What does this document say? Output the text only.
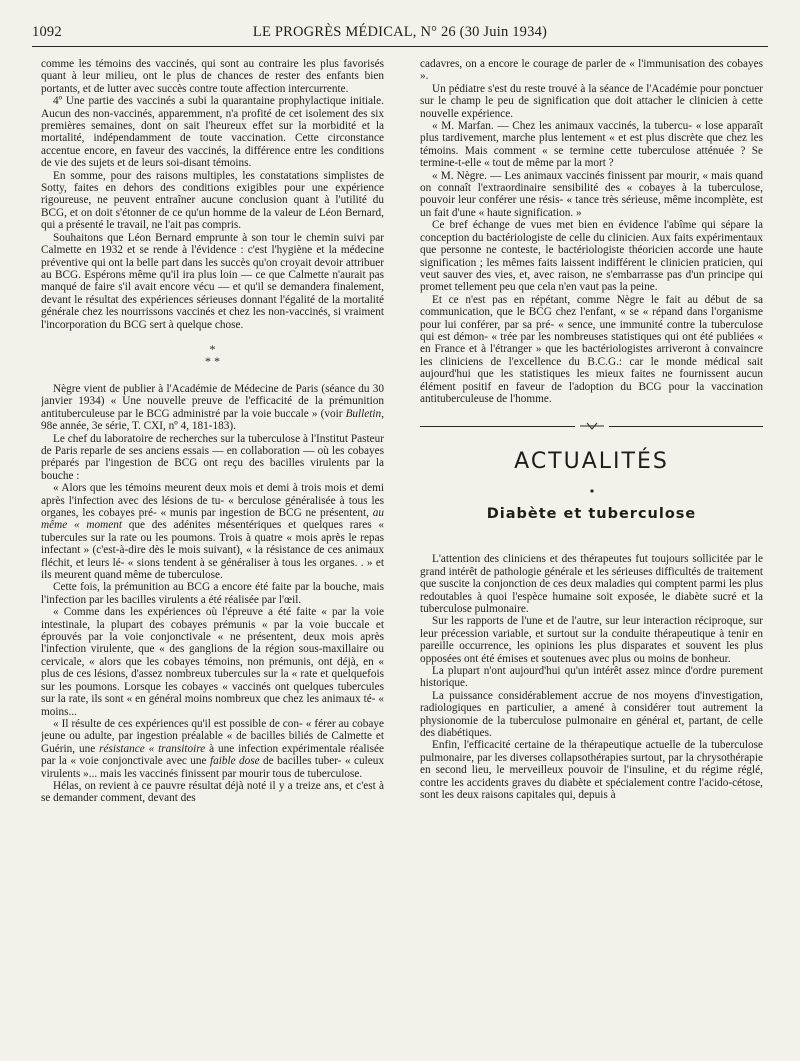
1092	LE PROGRÈS MÉDICAL, N° 26 (30 Juin 1934)

comme les témoins des vaccinés, qui sont au contraire les plus favorisés quant à leur milieu, ont le plus de chances de rester des enfants bien portants, et de lutter avec succès contre toute affection intercurrente.

4º Une partie des vaccinés a subi la quarantaine prophylactique initiale. Aucun des non-vaccinés, apparemment, n'a profité de cet isolement des six premières semaines, dont on sait l'heureux effet sur la morbidité et la mortalité, indépendamment de toute vaccination. Cette circonstance accentue encore, en faveur des vaccinés, la différence entre les conditions de vie des sujets et de leurs soi-disant témoins.

En somme, pour des raisons multiples, les constatations simplistes de Sotty, faites en dehors des conditions exigibles pour une expérience rigoureuse, ne peuvent entraîner aucune conclusion quant à l'utilité du BCG, et on doit s'étonner de ce qu'un homme de la valeur de Léon Bernard, qui a présenté le travail, ne l'ait pas compris.

Souhaitons que Léon Bernard emprunte à son tour le chemin suivi par Calmette en 1932 et se rende à l'évidence : c'est l'hygiène et la médecine préventive qui ont la belle part dans les succès qu'on croyait devoir attribuer au BCG. Espérons même qu'il ira plus loin — ce que Calmette n'aurait pas manqué de faire s'il avait encore vécu — et qu'il se demandera finalement, devant le résultat des expériences sérieuses donnant l'égalité de la mortalité générale chez les nourrissons vaccinés et chez les non-vaccinés, si vraiment l'incorporation du BCG sert à quelque chose.

*
* *

Nègre vient de publier à l'Académie de Médecine de Paris (séance du 30 janvier 1934) « Une nouvelle preuve de l'efficacité de la prémunition antituberculeuse par le BCG administré par la voie buccale » (voir Bulletin, 98e année, 3e série, T. CXI, nº 4, 181-183).

Le chef du laboratoire de recherches sur la tuberculose à l'Institut Pasteur de Paris reparle de ses anciens essais — en collaboration — où les cobayes préparés par l'ingestion de BCG ont reçu des bacilles virulents par la bouche :

« Alors que les témoins meurent deux mois et demi à trois mois et demi après l'infection avec des lésions de tu- « berculose généralisée à tous les organes, les cobayes pré- « munis par ingestion de BCG ne présentent, au même « moment que des adénites mésentériques et quelques rares « tubercules sur la rate ou les poumons. Trois à quatre « mois après le repas infectant » (c'est-à-dire dès le mois suivant), « la résistance de ces animaux fléchit, et leurs lé- « sions tendent à se généraliser à tous les organes. . » et ils meurent quand même de tuberculose.

Cette fois, la prémunition au BCG a encore été faite par la bouche, mais l'infection par les bacilles virulents a été réalisée par l'œil.

« Comme dans les expériences où l'épreuve a été faite « par la voie intestinale, la plupart des cobayes prémunis « par la voie buccale et éprouvés par la voie conjonctivale « ne présentent, deux mois après l'infection virulente, que « des ganglions de la région sous-maxillaire ou cervicale, « alors que les cobayes témoins, non prémunis, ont déjà, en « plus de ces lésions, d'assez nombreux tubercules sur la « rate et quelquefois sur les poumons. Lorsque les cobayes « vaccinés ont quelques tubercules sur la rate, ils sont « en général moins nombreux que chez les animaux té- « moins...

« Il résulte de ces expériences qu'il est possible de con- « férer au cobaye jeune ou adulte, par ingestion préalable « de bacilles biliés de Calmette et Guérin, une résistance « transitoire à une infection expérimentale réalisée par la « voie conjonctivale avec une faible dose de bacilles tuber- « culeux virulents »... mais les vaccinés finissent par mourir tous de tuberculose.

Hélas, on revient à ce pauvre résultat déjà noté il y a treize ans, et c'est à se demander comment, devant des

cadavres, on a encore le courage de parler de « l'immunisation des cobayes ».

Un pédiatre s'est du reste trouvé à la séance de l'Académie pour ponctuer sur le champ le peu de signification que doit attacher le clinicien à cette nouvelle expérience.

« M. Marfan. — Chez les animaux vaccinés, la tubercu- « lose apparaît plus tardivement, marche plus lentement « et est plus discrète que chez les témoins. Mais comment « se termine cette tuberculose atténuée ? Se termine-t-elle « tout de même par la mort ?

« M. Nègre. — Les animaux vaccinés finissent par mourir, « mais quand on connaît l'extraordinaire sensibilité des « cobayes à la tuberculose, pouvoir leur conférer une résis- « tance très sérieuse, même incomplète, est un fait d'une « haute signification. »

Ce bref échange de vues met bien en évidence l'abîme qui sépare la conception du bactériologiste de celle du clinicien. Aux faits expérimentaux que personne ne conteste, le bactériologiste théoricien accorde une haute signification ; les mêmes faits laissent indifférent le clinicien praticien, qui veut sauver des vies, et, avec raison, ne s'embarrasse pas d'un principe qui promet tellement peu que cela n'en vaut pas la peine.

Et ce n'est pas en répétant, comme Nègre le fait au début de sa communication, que le BCG chez l'enfant, « se « répand dans l'organisme pour lui conférer, par sa pré- « sence, une immunité contre la tuberculose qui est démon- « trée par les nombreuses statistiques qui ont été publiées « en France et à l'étranger » que les bactériologistes arriveront à convaincre les cliniciens de l'excellence du B.C.G.: car le monde médical sait aujourd'hui que les statistiques les mieux faites ne fournissent aucun élément positif en faveur de l'adoption du BCG pour la vaccination antituberculeuse de l'homme.

ACTUALITÉS
Diabète et tuberculose

L'attention des cliniciens et des thérapeutes fut toujours sollicitée par le grand intérêt de pathologie générale et les sérieuses difficultés de traitement que suscite la conjonction de ces deux maladies qui comptent parmi les plus redoutables à quoi l'espèce humaine soit exposée, le diabète sucré et la tuberculose pulmonaire.

Sur les rapports de l'une et de l'autre, sur leur interaction réciproque, sur leur précession variable, et surtout sur la conduite thérapeutique à tenir en pareille occurrence, les opinions les plus disparates et souvent les plus opposées ont été émises et soutenues avec plus ou moins de bonheur.

La plupart n'ont aujourd'hui qu'un intérêt assez mince d'ordre purement historique.

La puissance considérablement accrue de nos moyens d'investigation, radiologiques en particulier, a amené à considérer tout autrement la physionomie de la tuberculose pulmonaire en général et, partant, de celle des diabétiques.

Enfin, l'efficacité certaine de la thérapeutique actuelle de la tuberculose pulmonaire, par les diverses collapsothérapies surtout, par la chrysothérapie en second lieu, le merveilleux pouvoir de l'insuline, et du régime réglé, contre les accidents graves du diabète et spécialement contre l'acido-cétose, sont les deux raisons capitales qui, depuis à
